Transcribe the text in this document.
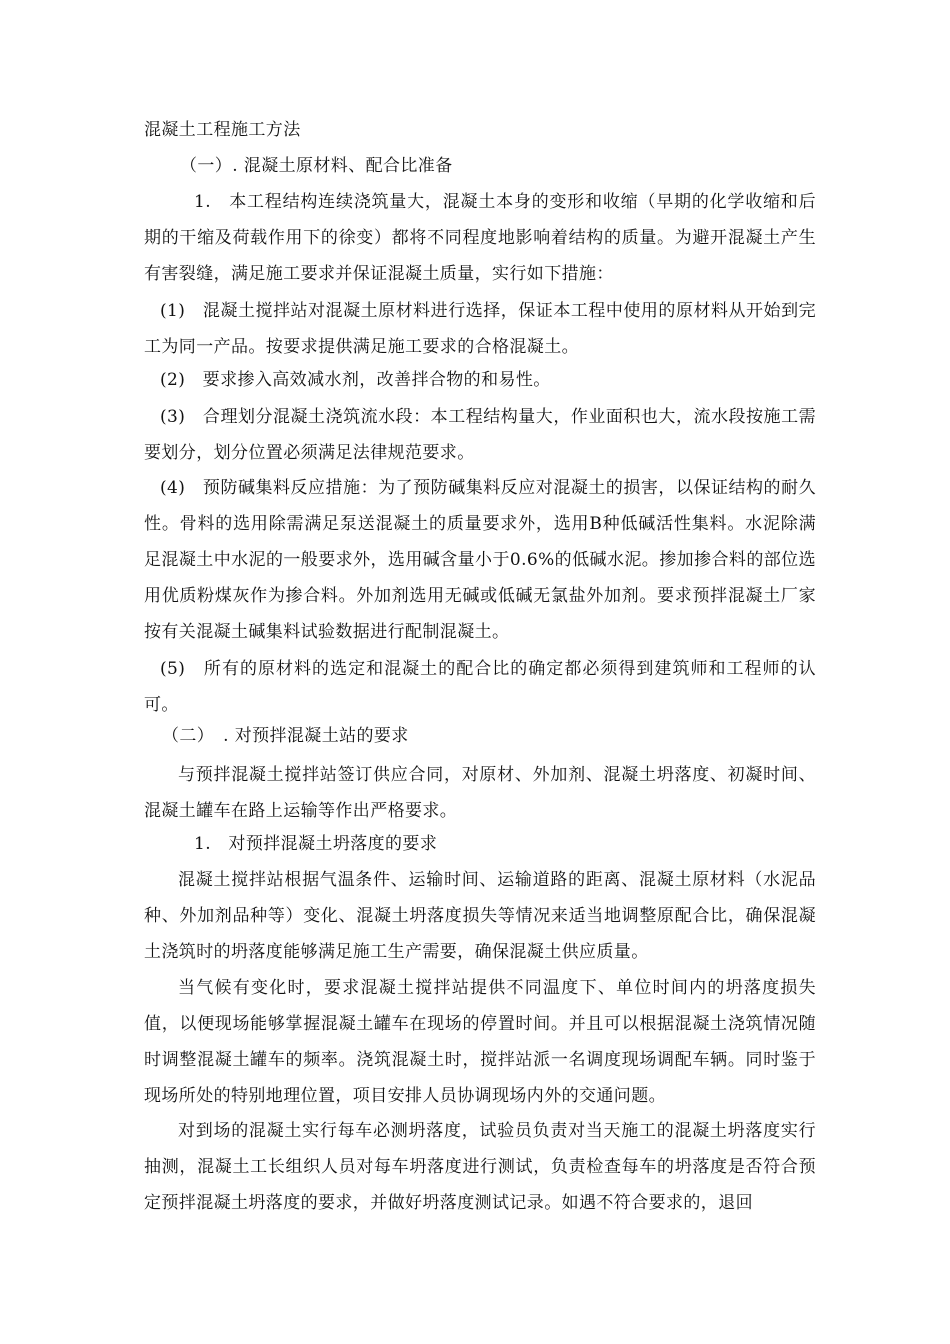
混凝土工程施工方法

（一）. 混凝土原材料、配合比准备

1.　本工程结构连续浇筑量大，混凝土本身的变形和收缩（早期的化学收缩和后期的干缩及荷载作用下的徐变）都将不同程度地影响着结构的质量。为避开混凝土产生有害裂缝，满足施工要求并保证混凝土质量，实行如下措施：

(1)　混凝土搅拌站对混凝土原材料进行选择，保证本工程中使用的原材料从开始到完工为同一产品。按要求提供满足施工要求的合格混凝土。

(2)　要求掺入高效减水剂，改善拌合物的和易性。

(3)　合理划分混凝土浇筑流水段：本工程结构量大，作业面积也大，流水段按施工需要划分，划分位置必须满足法律规范要求。

(4)　预防碱集料反应措施：为了预防碱集料反应对混凝土的损害，以保证结构的耐久性。骨料的选用除需满足泵送混凝土的质量要求外，选用B种低碱活性集料。水泥除满足混凝土中水泥的一般要求外，选用碱含量小于0.6%的低碱水泥。掺加掺合料的部位选用优质粉煤灰作为掺合料。外加剂选用无碱或低碱无氯盐外加剂。要求预拌混凝土厂家按有关混凝土碱集料试验数据进行配制混凝土。

(5)　所有的原材料的选定和混凝土的配合比的确定都必须得到建筑师和工程师的认可。

（二）　. 对预拌混凝土站的要求

与预拌混凝土搅拌站签订供应合同，对原材、外加剂、混凝土坍落度、初凝时间、混凝土罐车在路上运输等作出严格要求。

1.　对预拌混凝土坍落度的要求

混凝土搅拌站根据气温条件、运输时间、运输道路的距离、混凝土原材料（水泥品种、外加剂品种等）变化、混凝土坍落度损失等情况来适当地调整原配合比，确保混凝土浇筑时的坍落度能够满足施工生产需要，确保混凝土供应质量。

当气候有变化时，要求混凝土搅拌站提供不同温度下、单位时间内的坍落度损失值，以便现场能够掌握混凝土罐车在现场的停置时间。并且可以根据混凝土浇筑情况随时调整混凝土罐车的频率。浇筑混凝土时，搅拌站派一名调度现场调配车辆。同时鉴于现场所处的特别地理位置，项目安排人员协调现场内外的交通问题。

对到场的混凝土实行每车必测坍落度，试验员负责对当天施工的混凝土坍落度实行抽测，混凝土工长组织人员对每车坍落度进行测试，负责检查每车的坍落度是否符合预定预拌混凝土坍落度的要求，并做好坍落度测试记录。如遇不符合要求的，退回
